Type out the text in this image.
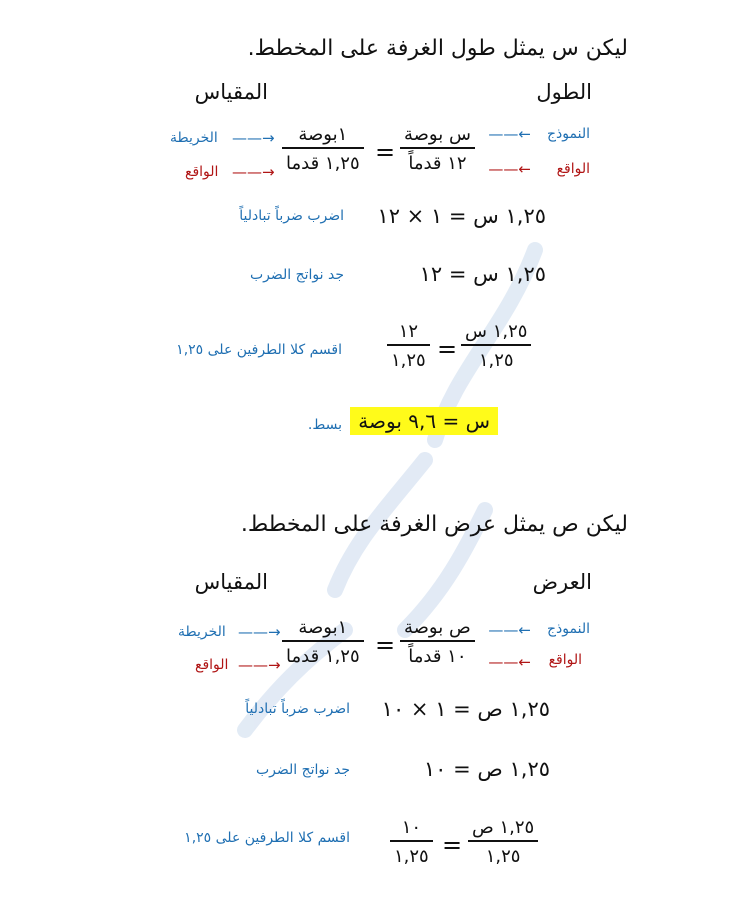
ليكن س يمثل طول الغرفة على المخطط.
الطول
المقياس
النموذج
←——
الواقع
←——
س بوصة
١٢ قدماً
=
١بوصة
١,٢٥ قدما
——→
الخريطة
——→
الواقع
١,٢٥ س = ١ × ١٢
اضرب ضرباً تبادلياً
١,٢٥ س = ١٢
جد نواتج الضرب
١,٢٥ س
١,٢٥
=
١٢
١,٢٥
اقسم كلا الطرفين على ١,٢٥
س = ٩,٦ بوصة
بسط.
ليكن ص يمثل عرض الغرفة على المخطط.
العرض
المقياس
النموذج
←——
الواقع
←——
ص بوصة
١٠ قدماً
=
١بوصة
١,٢٥ قدما
——→
الخريطة
——→
الواقع
١,٢٥ ص = ١ × ١٠
اضرب ضرباً تبادلياً
١,٢٥ ص = ١٠
جد نواتج الضرب
١,٢٥ ص
١,٢٥
=
١٠
١,٢٥
اقسم كلا الطرفين على ١,٢٥
